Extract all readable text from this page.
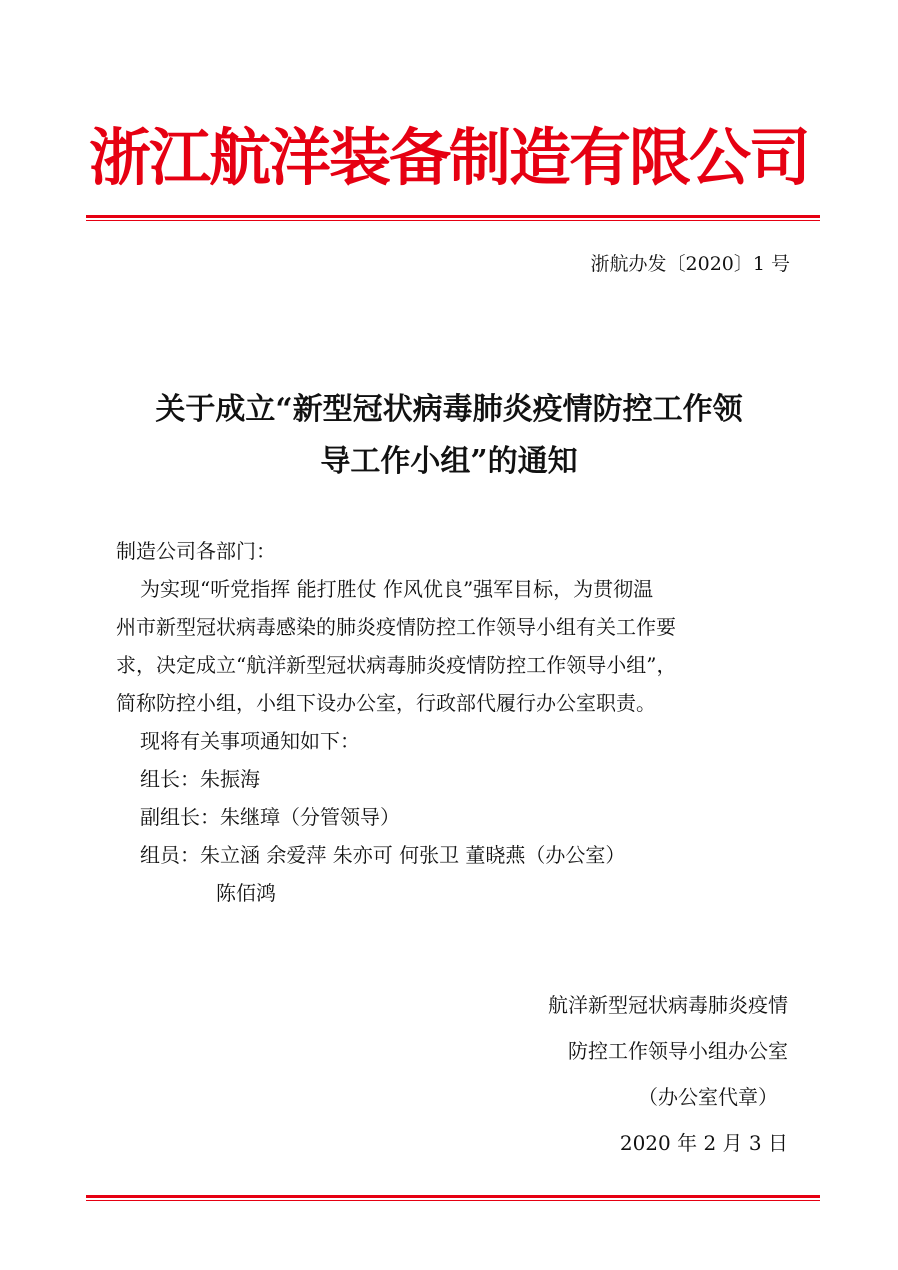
浙江航洋装备制造有限公司
浙航办发〔2020〕1 号
关于成立“新型冠状病毒肺炎疫情防控工作领
导工作小组”的通知
制造公司各部门：
为实现“听党指挥 能打胜仗 作风优良”强军目标，为贯彻温
州市新型冠状病毒感染的肺炎疫情防控工作领导小组有关工作要
求，决定成立“航洋新型冠状病毒肺炎疫情防控工作领导小组”，
简称防控小组，小组下设办公室，行政部代履行办公室职责。
现将有关事项通知如下：
组长：朱振海
副组长：朱继璋（分管领导）
组员：朱立涵 余爱萍 朱亦可 何张卫 董晓燕（办公室）
陈佰鸿
航洋新型冠状病毒肺炎疫情
防控工作领导小组办公室
（办公室代章）
2020 年 2 月 3 日
